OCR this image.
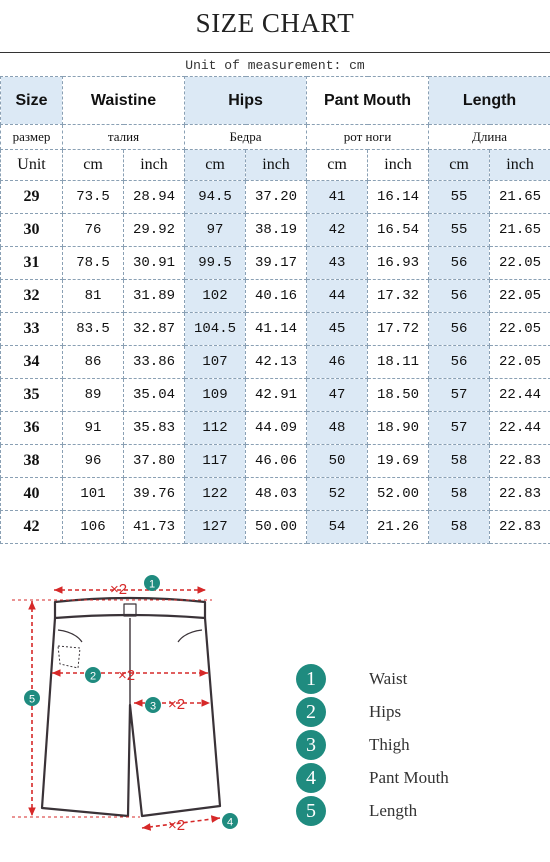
SIZE CHART
Unit of measurement: cm
Size	Waistine		Hips		Pant Mouth		Length	
размер	талия		Бедра		рот ноги		Длина	
Unit	cm	inch	cm	inch	cm	inch	cm	inch
29	73.5	28.94	94.5	37.20	41	16.14	55	21.65
30	76	29.92	97	38.19	42	16.54	55	21.65
31	78.5	30.91	99.5	39.17	43	16.93	56	22.05
32	81	31.89	102	40.16	44	17.32	56	22.05
33	83.5	32.87	104.5	41.14	45	17.72	56	22.05
34	86	33.86	107	42.13	46	18.11	56	22.05
35	89	35.04	109	42.91	47	18.50	57	22.44
36	91	35.83	112	44.09	48	18.90	57	22.44
38	96	37.80	117	46.06	50	19.69	58	22.83
40	101	39.76	122	48.03	52	52.00	58	22.83
42	106	41.73	127	50.00	54	21.26	58	22.83
×2 1
2 ×2
3 ×2
5
×2	4
1	Waist
2	Hips
3	Thigh
4	Pant Mouth
5	Length
